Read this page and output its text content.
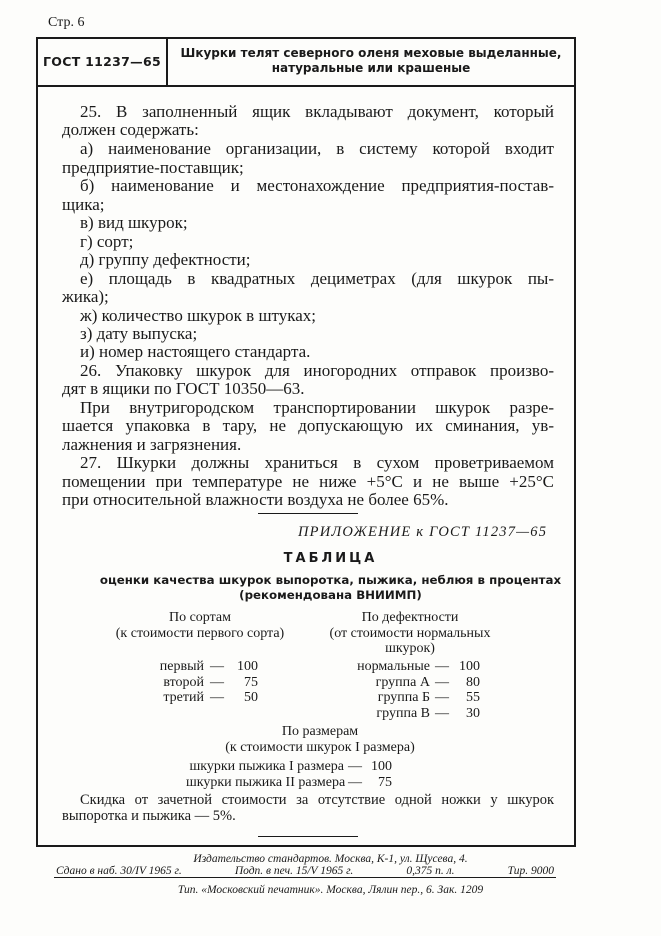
Стр. 6
ГОСТ 11237—65
Шкурки телят северного оленя меховые выделанные,
натуральные или крашеные
25. В заполненный ящик вкладывают документ, который
должен содержать:
а) наименование организации, в систему которой входит
предприятие-поставщик;
б) наименование и местонахождение предприятия-постав-
щика;
в) вид шкурок;
г) сорт;
д) группу дефектности;
е) площадь в квадратных дециметрах (для шкурок пы-
жика);
ж) количество шкурок в штуках;
з) дату выпуска;
и) номер настоящего стандарта.
26. Упаковку шкурок для иногородних отправок произво-
дят в ящики по ГОСТ 10350—63.
При внутригородском транспортировании шкурок разре-
шается упаковка в тару, не допускающую их сминания, ув-
лажнения и загрязнения.
27. Шкурки должны храниться в сухом проветриваемом
помещении при температуре не ниже +5°С и не выше +25°С
при относительной влажности воздуха не более 65%.
ПРИЛОЖЕНИЕ к ГОСТ 11237—65
ТАБЛИЦА
оценки качества шкурок выпоротка, пыжика, неблюя в процентах
(рекомендована ВНИИМП)
По сортам
(к стоимости первого сорта)
По дефектности
(от стоимости нормальных
шкурок)
первый — 100
второй — 75
третий — 50
нормальные — 100
группа А — 80
группа Б — 55
группа В — 30
По размерам
(к стоимости шкурок I размера)
шкурки пыжика I размера — 100
шкурки пыжика II размера — 75
Скидка от зачетной стоимости за отсутствие одной ножки у шкурок
выпоротка и пыжика — 5%.
Издательство стандартов. Москва, К-1, ул. Щусева, 4.
Сдано в наб. 30/IV 1965 г.	Подп. в печ. 15/V 1965 г.	0,375 п. л.	Тир. 9000
Тип. «Московский печатник». Москва, Лялин пер., 6. Зак. 1209
